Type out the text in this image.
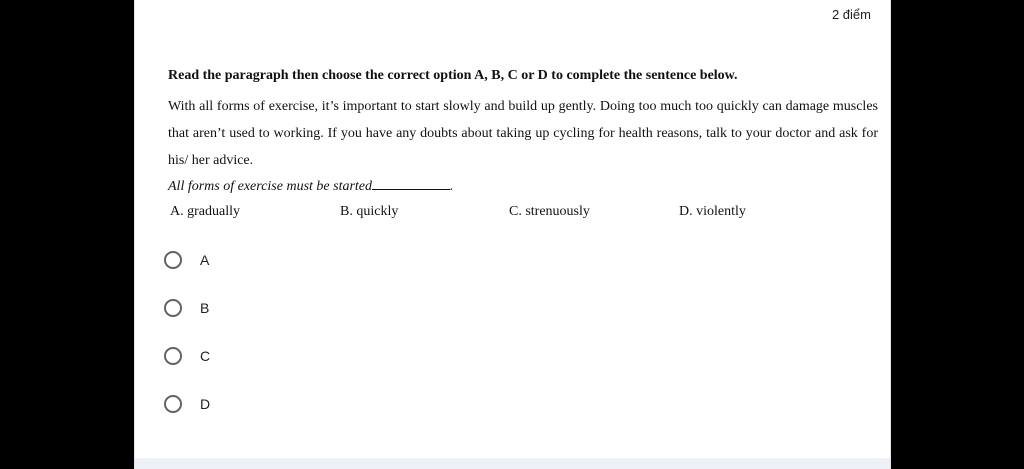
2 điểm

Read the paragraph then choose the correct option A, B, C or D to complete the sentence below.

With all forms of exercise, it’s important to start slowly and build up gently. Doing too much too quickly can damage muscles that aren’t used to working. If you have any doubts about taking up cycling for health reasons, talk to your doctor and ask for his/ her advice.

All forms of exercise must be started	.

A. gradually	B. quickly	C. strenuously	D. violently
A
B
C
D
